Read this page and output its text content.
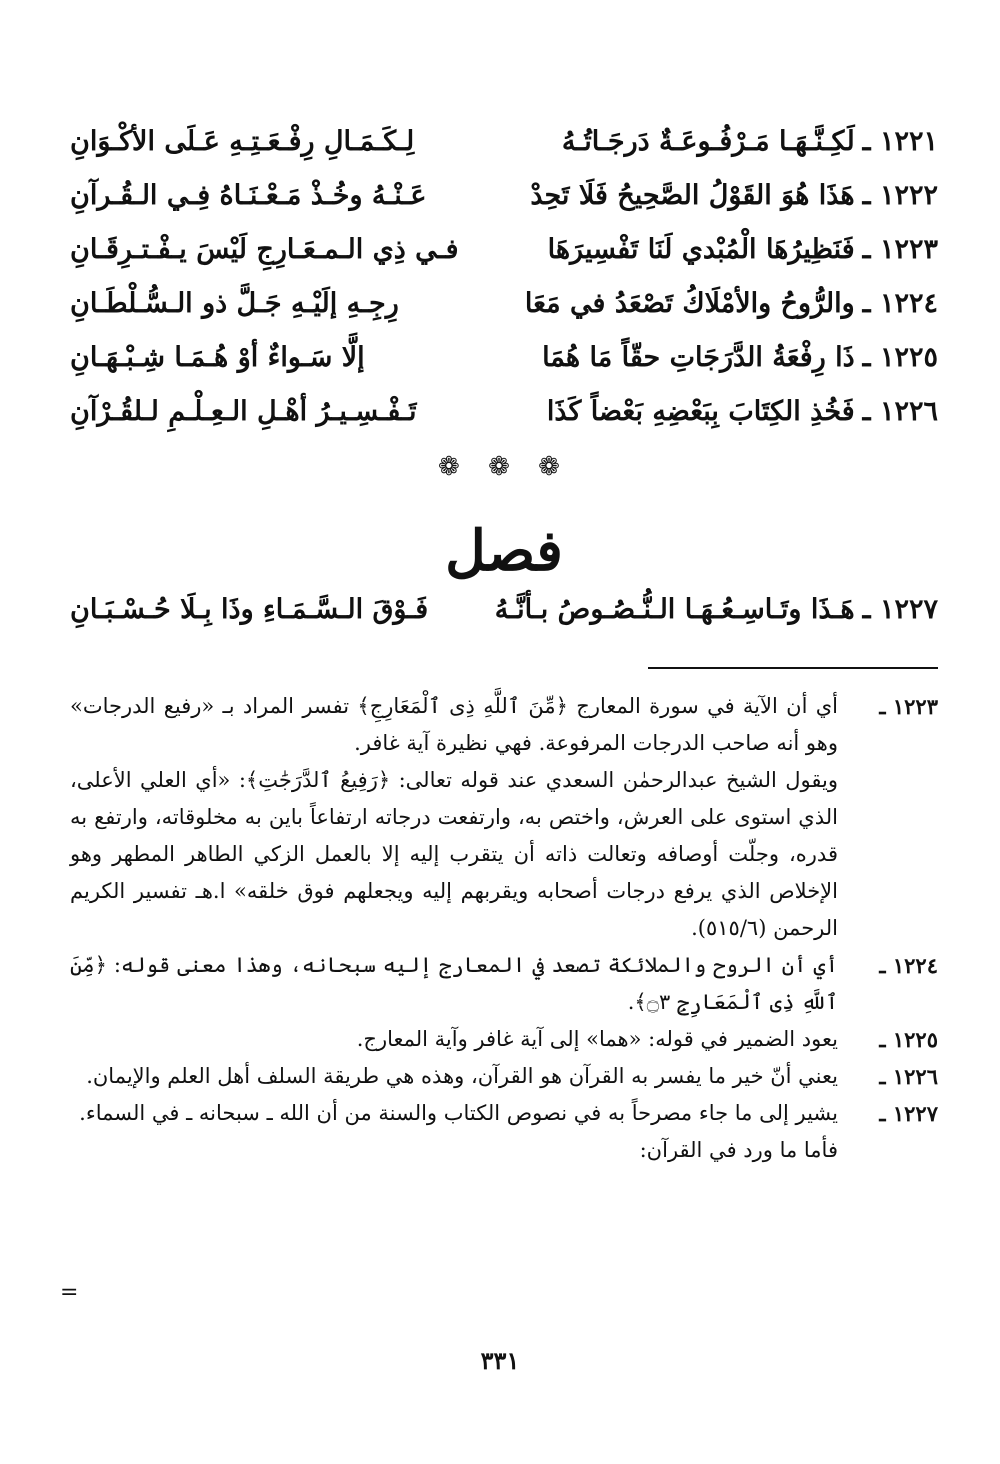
١٢٢١ ـ
لَكِـنَّـهَـا مَـرْفُـوعَـةٌ دَرجَـاتُـهُ
لِـكَـمَـالِ رِفْـعَـتِـهِ عَـلَى الأكْـوَانِ
١٢٢٢ ـ
هَذَا هُوَ القَوْلُ الصَّحِيحُ فَلَا تَحِدْ
عَـنْـهُ وخُـذْ مَـعْـنَـاهُ فِـي الـقُـرآنِ
١٢٢٣ ـ
فَنَظِيرُهَا الْمُبْدي لَنَا تَفْسِيرَهَا
فـي ذِي الـمـعَـارِجِ لَيْسَ يـفْـتـرِقَـانِ
١٢٢٤ ـ
والرُّوحُ والأمْلَاكُ تَصْعَدُ في مَعَا
رِجِـهِ إلَيْـهِ جَـلَّ ذو الـسُّـلْطَـانِ
١٢٢٥ ـ
ذَا رِفْعَةُ الدَّرَجَاتِ حقّاً مَا هُمَا
إلَّا سَـواءٌ أوْ هُـمَـا شِـبْـهَـانِ
١٢٢٦ ـ
فَخُذِ الكِتَابَ بِبَعْضِهِ بَعْضاً كَذَا
تَـفْـسِـيـرُ أهْـلِ الـعِـلْـمِ لـلقُـرْآنِ
❁ ❁ ❁
فصل
١٢٢٧ ـ
هَـذَا وتَـاسِـعُـهَـا الـنُّـصُـوصُ بـأنَّـهُ
فَـوْقَ الـسَّـمَـاءِ وذَا بِـلَا حُـسْـبَـانِ
١٢٢٣ ـ
أي أن الآية في سورة المعارج ﴿مِّنَ ٱللَّهِ ذِى ٱلْمَعَارِجِ﴾ تفسر المراد بـ «رفيع الدرجات» وهو أنه صاحب الدرجات المرفوعة. فهي نظيرة آية غافر.
ويقول الشيخ عبدالرحمٰن السعدي عند قوله تعالى: ﴿رَفِيعُ ٱلدَّرَجَٰتِ﴾: «أي العلي الأعلى، الذي استوى على العرش، واختص به، وارتفعت درجاته ارتفاعاً باين به مخلوقاته، وارتفع به قدره، وجلّت أوصافه وتعالت ذاته أن يتقرب إليه إلا بالعمل الزكي الطاهر المطهر وهو الإخلاص الذي يرفع درجات أصحابه ويقربهم إليه ويجعلهم فوق خلقه» ا.هـ تفسير الكريم الرحمن (٥١٥/٦).
١٢٢٤ ـ
أي أن الروح والملائكة تصعد في المعارج إليه سبحانه، وهذا معنى قوله: ﴿مِّنَ ٱللَّهِ ذِى ٱلْمَعَارِجِ ۝٣﴾.
١٢٢٥ ـ
يعود الضمير في قوله: «هما» إلى آية غافر وآية المعارج.
١٢٢٦ ـ
يعني أنّ خير ما يفسر به القرآن هو القرآن، وهذه هي طريقة السلف أهل العلم والإيمان.
١٢٢٧ ـ
يشير إلى ما جاء مصرحاً به في نصوص الكتاب والسنة من أن الله ـ سبحانه ـ في السماء.
فأما ما ورد في القرآن:
=
٣٣١
